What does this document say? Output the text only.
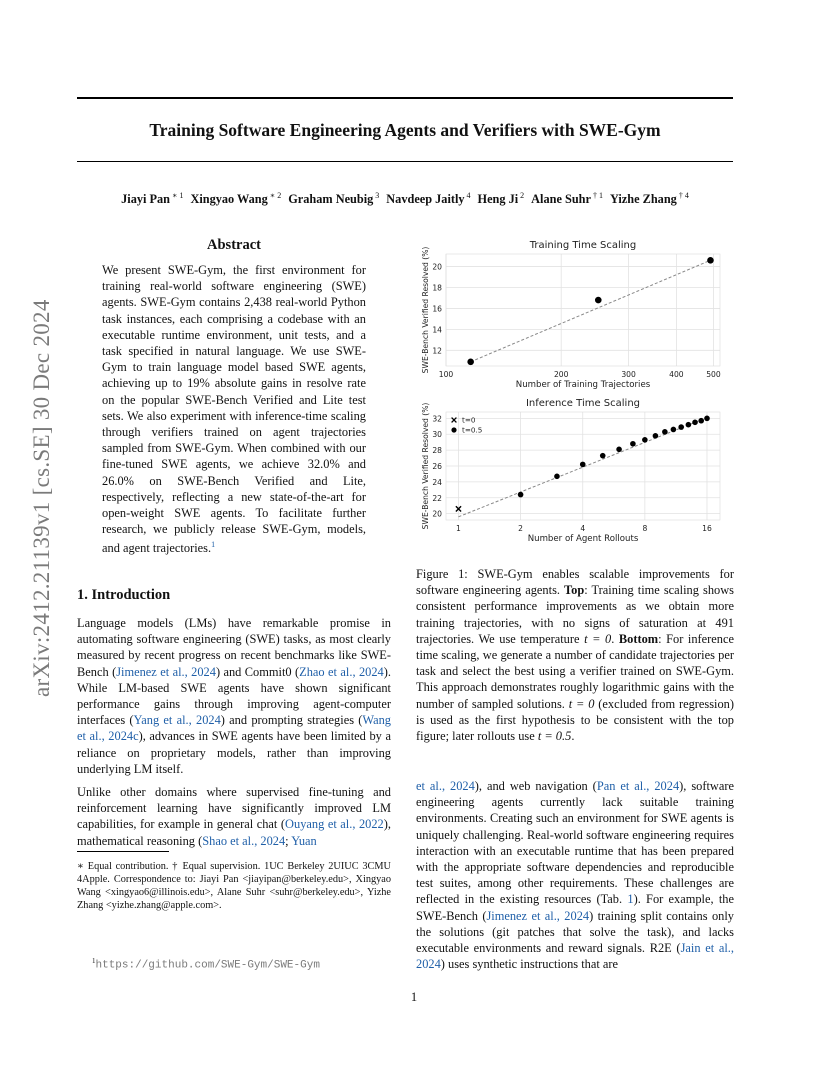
Training Software Engineering Agents and Verifiers with SWE-Gym
Jiayi Pan $^{∗ 1}$ Xingyao Wang $^{∗ 2}$ Graham Neubig $^3$ Navdeep Jaitly $^4$ Heng Ji $^2$ Alane Suhr $^{\dagger 1}$ Yizhe Zhang $^{\dagger 4}$
arXiv:2412.21139v1 [cs.SE] 30 Dec 2024
Abstract
We present SWE-Gym, the first environment for training real-world software engineering (SWE) agents. SWE-Gym contains 2,438 real-world Python task instances, each comprising a codebase with an executable runtime environment, unit tests, and a task specified in natural language. We use SWE-Gym to train language model based SWE agents, achieving up to 19% absolute gains in resolve rate on the popular SWE-Bench Verified and Lite test sets. We also experiment with inference-time scaling through verifiers trained on agent trajectories sampled from SWE-Gym. When combined with our fine-tuned SWE agents, we achieve 32.0% and 26.0% on SWE-Bench Verified and Lite, respectively, reflecting a new state-of-the-art for open-weight SWE agents. To facilitate further research, we publicly release SWE-Gym, models, and agent trajectories.$^1$
1. Introduction
Language models (LMs) have remarkable promise in automating software engineering (SWE) tasks, as most clearly measured by recent progress on recent benchmarks like SWE-Bench (Jimenez et al., 2024) and Commit0 (Zhao et al., 2024). While LM-based SWE agents have shown significant performance gains through improving agent-computer interfaces (Yang et al., 2024) and prompting strategies (Wang et al., 2024c), advances in SWE agents have been limited by a reliance on proprietary models, rather than improving underlying LM itself.
Unlike other domains where supervised fine-tuning and reinforcement learning have significantly improved LM capabilities, for example in general chat (Ouyang et al., 2022), mathematical reasoning (Shao et al., 2024; Yuan
∗ Equal contribution. † Equal supervision. 1UC Berkeley 2UIUC 3CMU 4Apple. Correspondence to: Jiayi Pan <jiayipan@berkeley.edu>, Xingyao Wang <xingyao6@illinois.edu>, Alane Suhr <suhr@berkeley.edu>, Yizhe Zhang <yizhe.zhang@apple.com>.
$^1$https://github.com/SWE-Gym/SWE-Gym
Training Time Scaling
12
14
16
18
20
100	200	300	400	500
Number of Training Trajectories
SWE-Bench Verified Resolved (%)
Inference Time Scaling
20
22
24
26
28
30
32
1	2	4	8	16
Number of Agent Rollouts
SWE-Bench Verified Resolved (%)	t=0
t=0.5
Figure 1: SWE-Gym enables scalable improvements for software engineering agents. Top: Training time scaling shows consistent performance improvements as we obtain more training trajectories, with no signs of saturation at 491 trajectories. We use temperature t = 0. Bottom: For inference time scaling, we generate a number of candidate trajectories per task and select the best using a verifier trained on SWE-Gym. This approach demonstrates roughly logarithmic gains with the number of sampled solutions. t = 0 (excluded from regression) is used as the first hypothesis to be consistent with the top figure; later rollouts use t = 0.5.
et al., 2024), and web navigation (Pan et al., 2024), software engineering agents currently lack suitable training environments. Creating such an environment for SWE agents is uniquely challenging. Real-world software engineering requires interaction with an executable runtime that has been prepared with the appropriate software dependencies and reproducible test suites, among other requirements. These challenges are reflected in the existing resources (Tab. 1). For example, the SWE-Bench (Jimenez et al., 2024) training split contains only the solutions (git patches that solve the task), and lacks executable environments and reward signals. R2E (Jain et al., 2024) uses synthetic instructions that are
1
